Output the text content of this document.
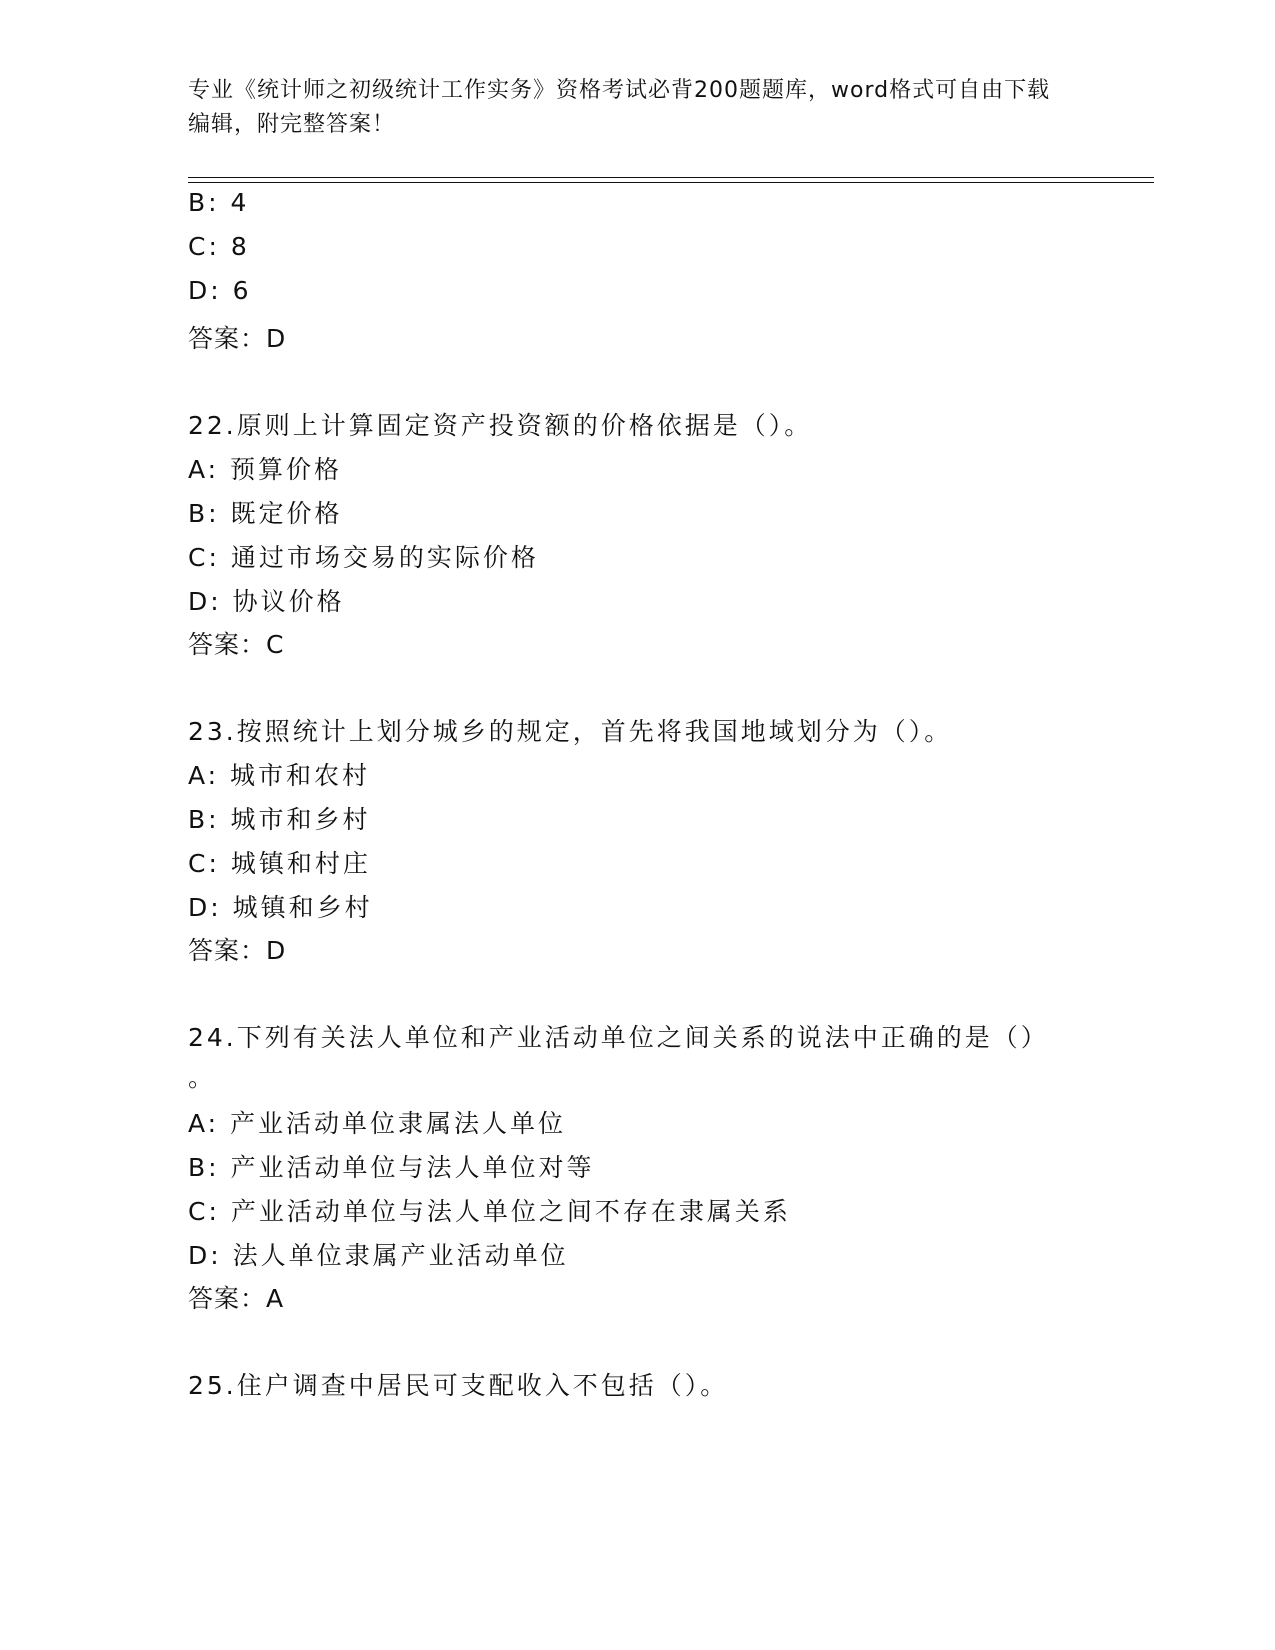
专业《统计师之初级统计工作实务》资格考试必背200题题库，word格式可自由下载编辑，附完整答案！
B: 4
C: 8
D: 6
答案：D
22.原则上计算固定资产投资额的价格依据是（）。
A: 预算价格
B: 既定价格
C: 通过市场交易的实际价格
D: 协议价格
答案：C
23.按照统计上划分城乡的规定，首先将我国地域划分为（）。
A: 城市和农村
B: 城市和乡村
C: 城镇和村庄
D: 城镇和乡村
答案：D
24.下列有关法人单位和产业活动单位之间关系的说法中正确的是（）
。
A: 产业活动单位隶属法人单位
B: 产业活动单位与法人单位对等
C: 产业活动单位与法人单位之间不存在隶属关系
D: 法人单位隶属产业活动单位
答案：A
25.住户调查中居民可支配收入不包括（）。
